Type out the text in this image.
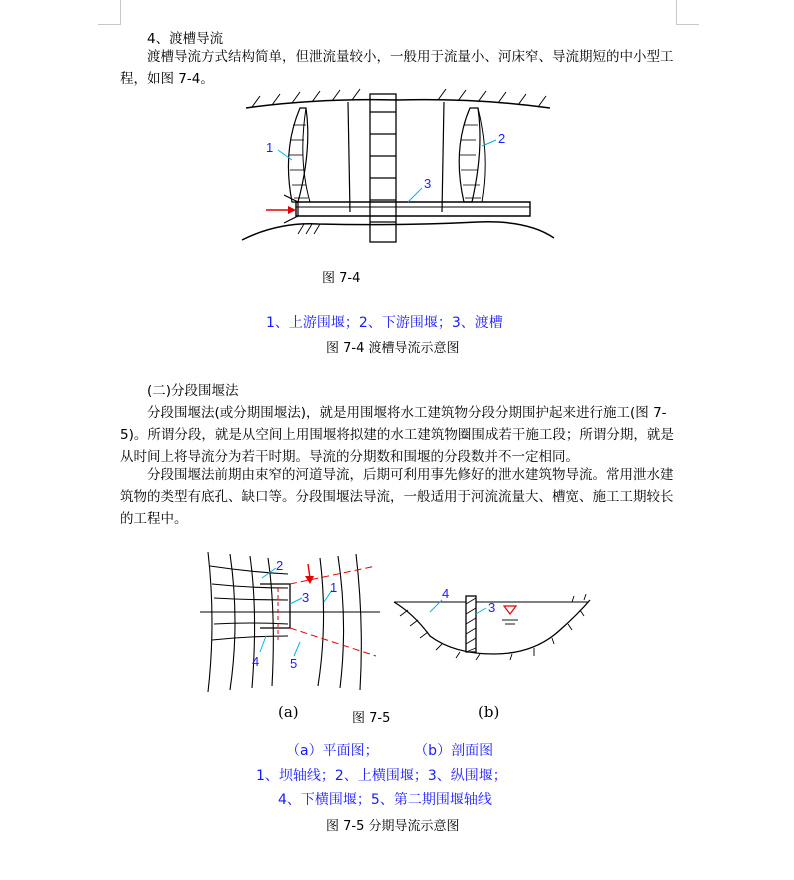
4、渡槽导流

渡槽导流方式结构简单，但泄流量较小，一般用于流量小、河床窄、导流期短的中小型工程，如图 7-4。

1
2
3
图 7-4
1、上游围堰；2、下游围堰；3、渡槽
图 7-4 渡槽导流示意图

(二)分段围堰法

分段围堰法(或分期围堰法)，就是用围堰将水工建筑物分段分期围护起来进行施工(图 7-5)。所谓分段，就是从空间上用围堰将拟建的水工建筑物圈围成若干施工段；所谓分期，就是从时间上将导流分为若干时期。导流的分期数和围堰的分段数并不一定相同。

分段围堰法前期由束窄的河道导流，后期可利用事先修好的泄水建筑物导流。常用泄水建筑物的类型有底孔、缺口等。分段围堰法导流，一般适用于河流流量大、槽宽、施工工期较长的工程中。

2
3
1
4 5
4
3
(a)	图 7-5	(b)
（a）平面图；        （b）剖面图
1、坝轴线；2、上横围堰；3、纵围堰；
4、下横围堰；5、第二期围堰轴线
图 7-5 分期导流示意图
